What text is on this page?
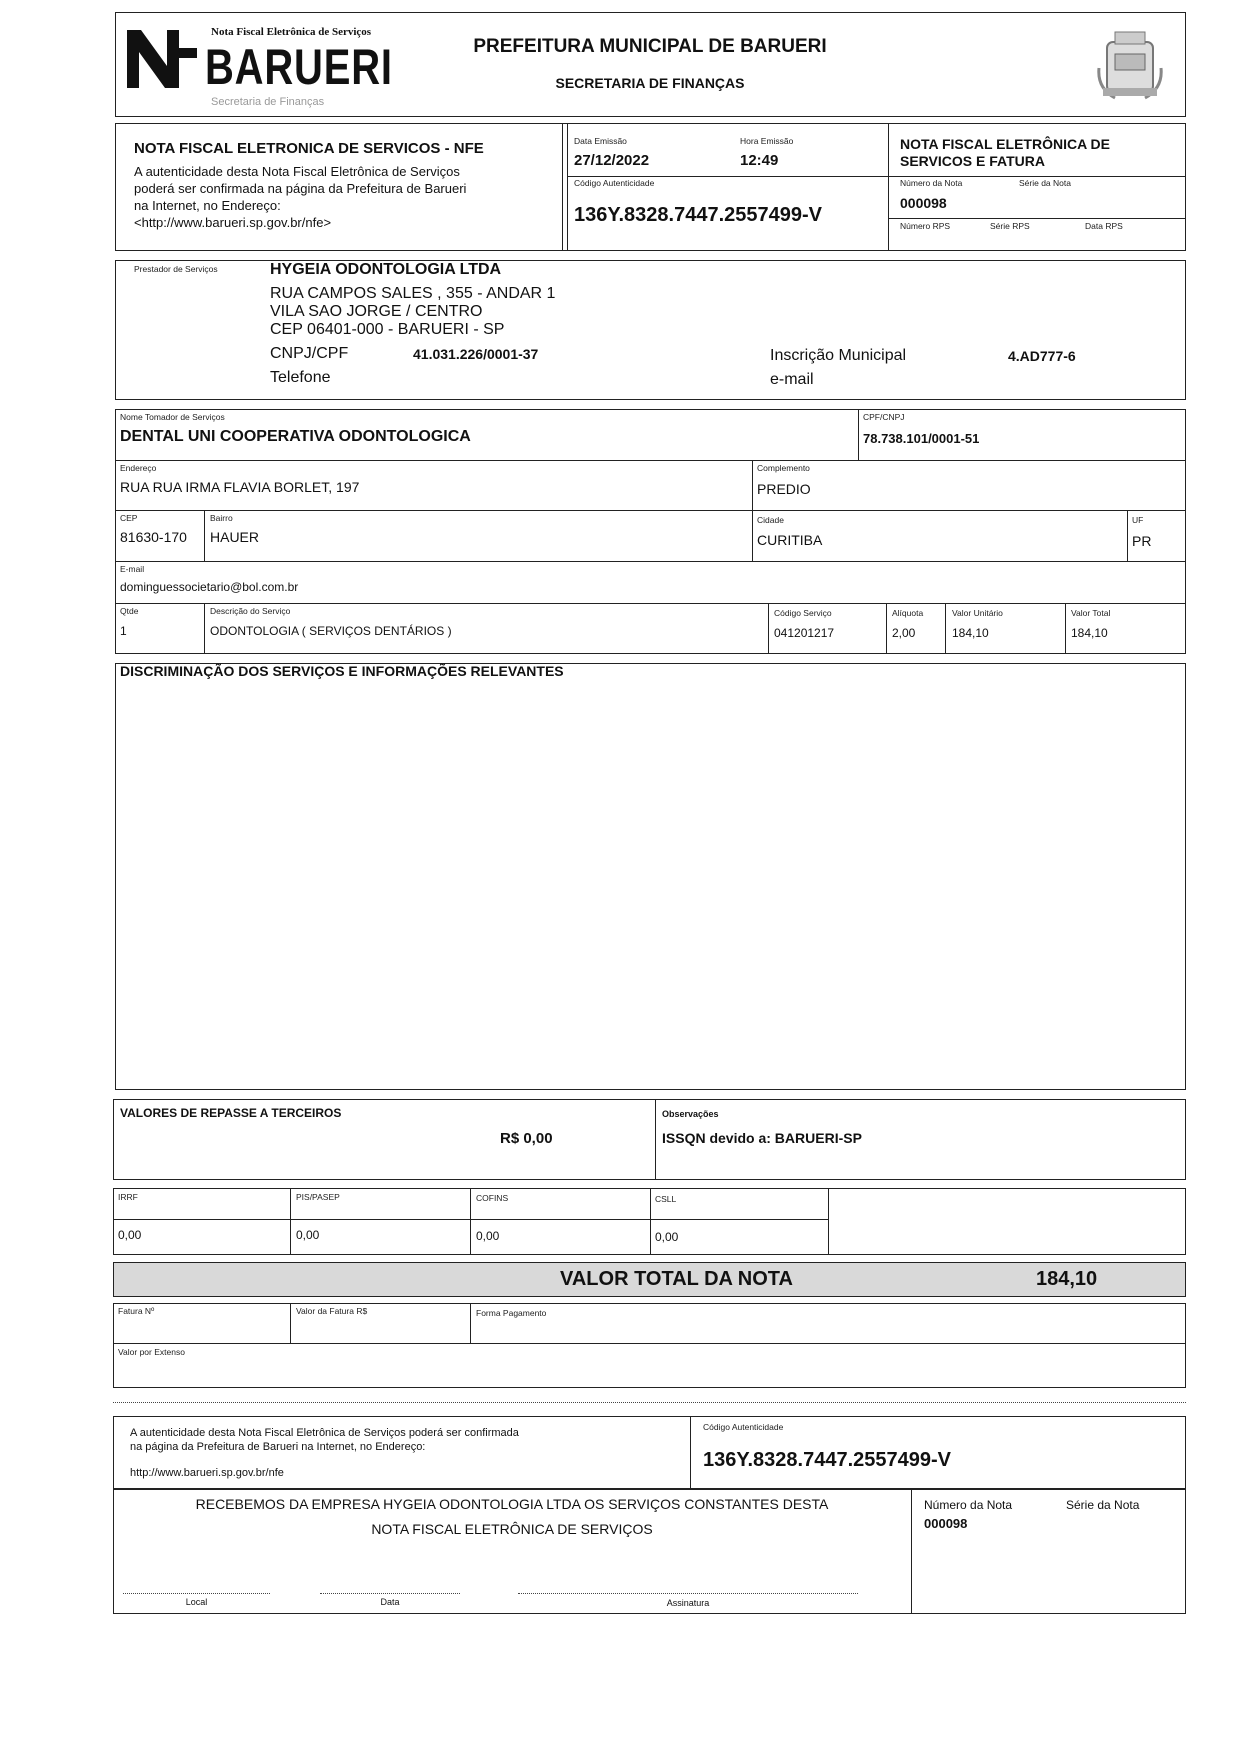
Nota Fiscal Eletrônica de Serviços
BARUERI
Secretaria de Finanças
PREFEITURA MUNICIPAL DE BARUERI
SECRETARIA DE FINANÇAS
NOTA FISCAL ELETRONICA DE SERVICOS - NFE
A autenticidade desta Nota Fiscal Eletrônica de Serviços
poderá ser confirmada na página da Prefeitura de Barueri
na Internet, no Endereço:
<http://www.barueri.sp.gov.br/nfe>
Data Emissão
27/12/2022
Hora Emissão
12:49
Código Autenticidade
136Y.8328.7447.2557499-V
NOTA FISCAL ELETRÔNICA DE
SERVICOS E FATURA
Número da Nota	Série da Nota
000098
Número RPS	Série RPS	Data RPS
Prestador de Serviços	HYGEIA ODONTOLOGIA LTDA
RUA CAMPOS SALES , 355 - ANDAR 1
VILA SAO JORGE / CENTRO
CEP 06401-000 - BARUERI - SP
CNPJ/CPF	41.031.226/0001-37
Telefone
Inscrição Municipal	4.AD777-6
e-mail
Nome Tomador de Serviços
DENTAL UNI COOPERATIVA ODONTOLOGICA
CPF/CNPJ
78.738.101/0001-51
Endereço
RUA RUA IRMA FLAVIA BORLET, 197
Complemento
PREDIO
CEP
81630-170
Bairro
HAUER
Cidade
CURITIBA
UF
PR
E-mail
dominguessocietario@bol.com.br
Qtde
1
Descrição do Serviço
ODONTOLOGIA ( SERVIÇOS DENTÁRIOS )
Código Serviço
041201217
Alíquota
2,00
Valor Unitário
184,10
Valor Total
184,10
DISCRIMINAÇÃO DOS SERVIÇOS E INFORMAÇÕES RELEVANTES
VALORES DE REPASSE A TERCEIROS
R$ 0,00
Observações
ISSQN devido a: BARUERI-SP
IRRF
0,00
PIS/PASEP
0,00
COFINS
0,00
CSLL
0,00
VALOR TOTAL DA NOTA	184,10
Fatura Nº	Valor da Fatura R$	Forma Pagamento
Valor por Extenso
A autenticidade desta Nota Fiscal Eletrônica de Serviços poderá ser confirmada
na página da Prefeitura de Barueri na Internet, no Endereço:
http://www.barueri.sp.gov.br/nfe
Código Autenticidade
136Y.8328.7447.2557499-V
RECEBEMOS DA EMPRESA HYGEIA ODONTOLOGIA LTDA OS SERVIÇOS CONSTANTES DESTA
NOTA FISCAL ELETRÔNICA DE SERVIÇOS
Número da Nota	Série da Nota
000098
Local	Data	Assinatura
